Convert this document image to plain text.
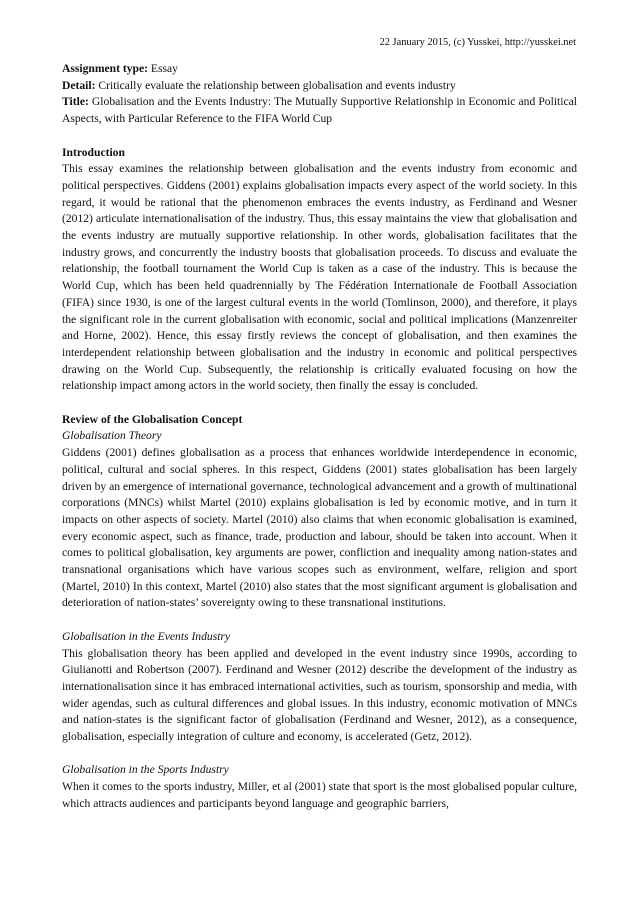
22 January 2015, (c) Yusskei, http://yusskei.net

Assignment type: Essay

Detail: Critically evaluate the relationship between globalisation and events industry

Title: Globalisation and the Events Industry: The Mutually Supportive Relationship in Economic and Political Aspects, with Particular Reference to the FIFA World Cup

Introduction

This essay examines the relationship between globalisation and the events industry from economic and political perspectives. Giddens (2001) explains globalisation impacts every aspect of the world society. In this regard, it would be rational that the phenomenon embraces the events industry, as Ferdinand and Wesner (2012) articulate internationalisation of the industry. Thus, this essay maintains the view that globalisation and the events industry are mutually supportive relationship. In other words, globalisation facilitates that the industry grows, and concurrently the industry boosts that globalisation proceeds. To discuss and evaluate the relationship, the football tournament the World Cup is taken as a case of the industry. This is because the World Cup, which has been held quadrennially by The Fédération Internationale de Football Association (FIFA) since 1930, is one of the largest cultural events in the world (Tomlinson, 2000), and therefore, it plays the significant role in the current globalisation with economic, social and political implications (Manzenreiter and Horne, 2002). Hence, this essay firstly reviews the concept of globalisation, and then examines the interdependent relationship between globalisation and the industry in economic and political perspectives drawing on the World Cup. Subsequently, the relationship is critically evaluated focusing on how the relationship impact among actors in the world society, then finally the essay is concluded.

Review of the Globalisation Concept
Globalisation Theory

Giddens (2001) defines globalisation as a process that enhances worldwide interdependence in economic, political, cultural and social spheres. In this respect, Giddens (2001) states globalisation has been largely driven by an emergence of international governance, technological advancement and a growth of multinational corporations (MNCs) whilst Martel (2010) explains globalisation is led by economic motive, and in turn it impacts on other aspects of society. Martel (2010) also claims that when economic globalisation is examined, every economic aspect, such as finance, trade, production and labour, should be taken into account. When it comes to political globalisation, key arguments are power, confliction and inequality among nation-states and transnational organisations which have various scopes such as environment, welfare, religion and sport (Martel, 2010) In this context, Martel (2010) also states that the most significant argument is globalisation and deterioration of nation-states’ sovereignty owing to these transnational institutions.

Globalisation in the Events Industry

This globalisation theory has been applied and developed in the event industry since 1990s, according to Giulianotti and Robertson (2007). Ferdinand and Wesner (2012) describe the development of the industry as internationalisation since it has embraced international activities, such as tourism, sponsorship and media, with wider agendas, such as cultural differences and global issues. In this industry, economic motivation of MNCs and nation-states is the significant factor of globalisation (Ferdinand and Wesner, 2012), as a consequence, globalisation, especially integration of culture and economy, is accelerated (Getz, 2012).

Globalisation in the Sports Industry

When it comes to the sports industry, Miller, et al (2001) state that sport is the most globalised popular culture, which attracts audiences and participants beyond language and geographic barriers,
